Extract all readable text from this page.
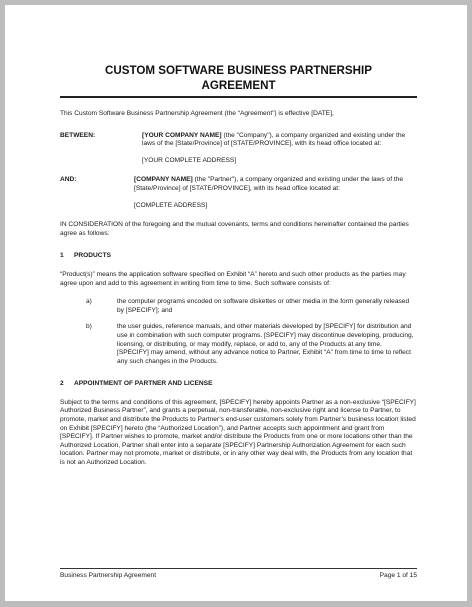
CUSTOM SOFTWARE BUSINESS PARTNERSHIP
AGREEMENT

This Custom Software Business Partnership Agreement (the “Agreement”) is effective [DATE],

BETWEEN:	[YOUR COMPANY NAME] (the "Company"), a company organized and existing under the laws of the [State/Province] of [STATE/PROVINCE], with its head office located at:

[YOUR COMPLETE ADDRESS]

AND:	[COMPANY NAME] (the "Partner"), a company organized and existing under the laws of the [State/Province] of [STATE/PROVINCE], with its head office located at:

[COMPLETE ADDRESS]

IN CONSIDERATION of the foregoing and the mutual covenants, terms and conditions hereinafter contained the parties agree as follows:

1	PRODUCTS

“Product(s)” means the application software specified on Exhibit “A” hereto and such other products as the parties may agree upon and add to this agreement in writing from time to time. Such software consists of:

a)	the computer programs encoded on software diskettes or other media in the form generally released by [SPECIFY]; and

b)	the user guides, reference manuals, and other materials developed by [SPECIFY] for distribution and use in combination with such computer programs. [SPECIFY] may discontinue developing, producing, licensing, or distributing, or may modify, replace, or add to, any of the Products at any time. [SPECIFY] may amend, without any advance notice to Partner, Exhibit “A” from time to time to reflect any such changes in the Products.

2	APPOINTMENT OF PARTNER AND LICENSE

Subject to the terms and conditions of this agreement, [SPECIFY] hereby appoints Partner as a non-exclusive “[SPECIFY] Authorized Business Partner”, and grants a perpetual, non-transferable, non-exclusive right and license to Partner, to promote, market and distribute the Products to Partner’s end-user customers solely from Partner’s business location listed on Exhibit [SPECIFY] hereto (the “Authorized Location”), and Partner accepts such appointment and grant from [SPECIFY]. If Partner wishes to promote, market and/or distribute the Products from one or more locations other than the Authorized Location, Partner shall enter into a separate [SPECIFY] Partnership Authorization Agreement for each such location. Partner may not promote, market or distribute, or in any other way deal with, the Products from any location that is not an Authorized Location.

Business Partnership Agreement	Page 1 of 15
